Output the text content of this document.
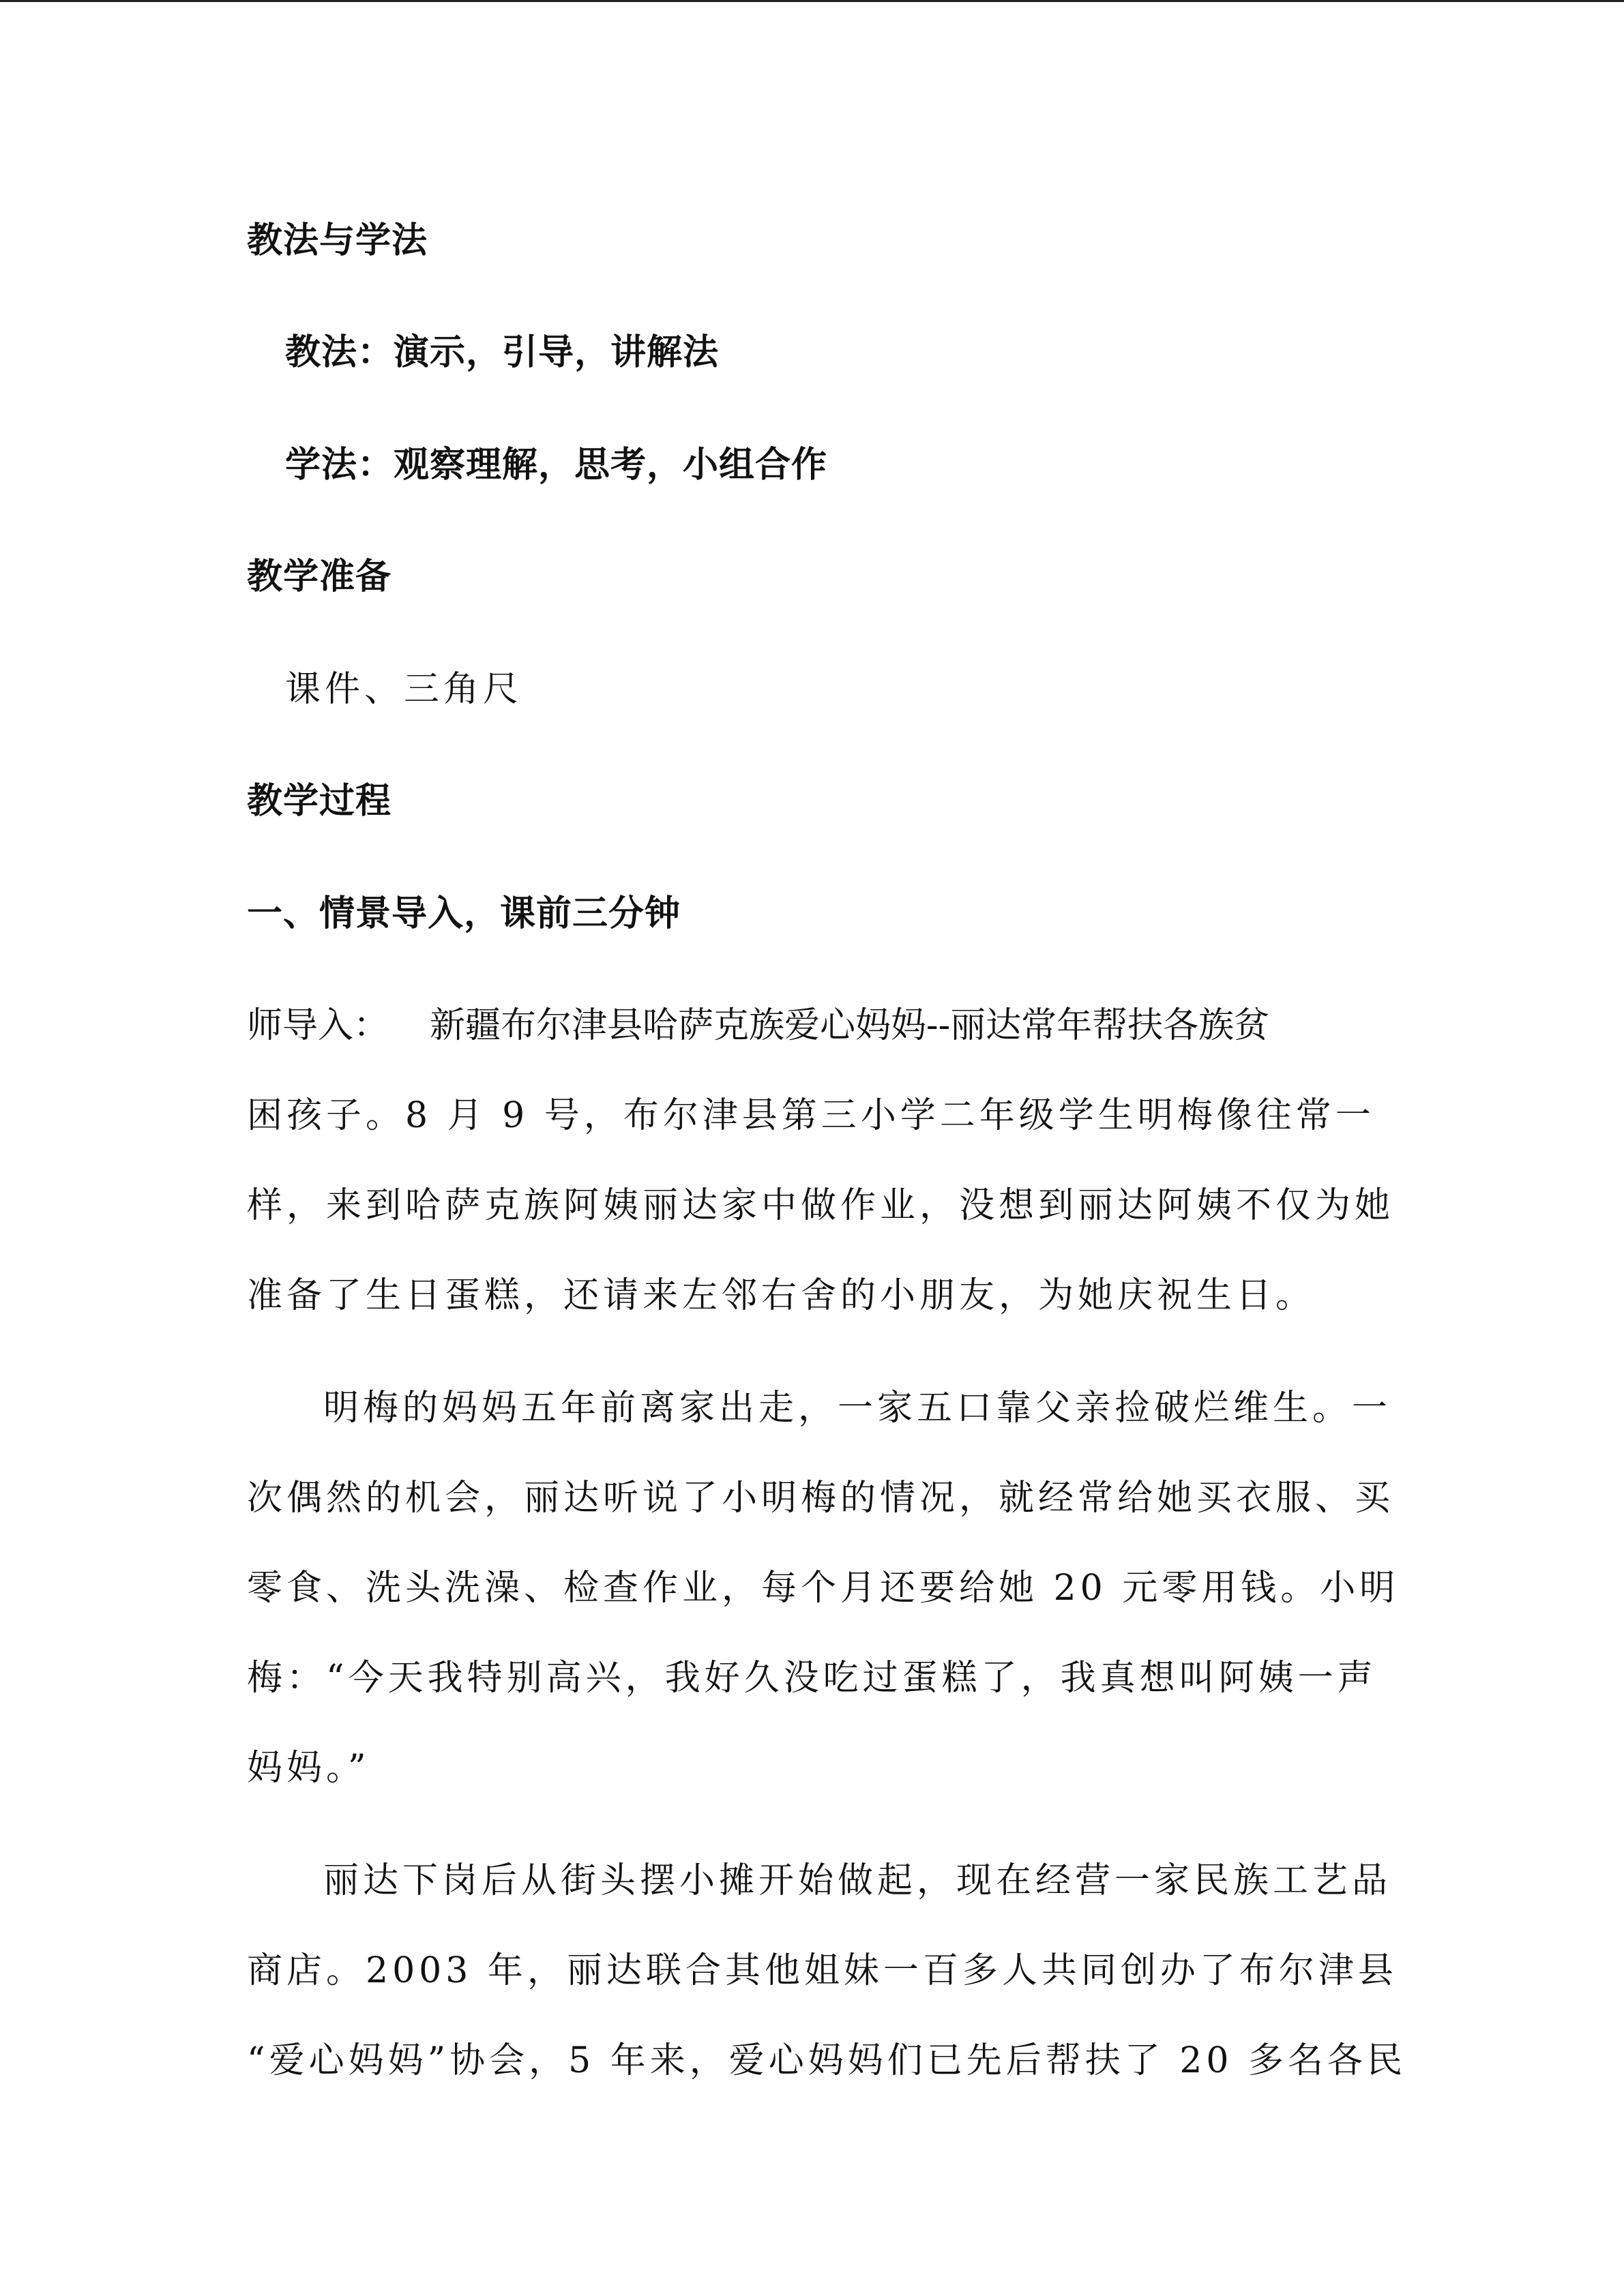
教法与学法
教法：演示，引导，讲解法
学法：观察理解，思考，小组合作
教学准备
课件、三角尺
教学过程
一、情景导入，课前三分钟
师导入： 新疆布尔津县哈萨克族爱心妈妈--丽达常年帮扶各族贫
困孩子。8 月 9 号，布尔津县第三小学二年级学生明梅像往常一
样，来到哈萨克族阿姨丽达家中做作业，没想到丽达阿姨不仅为她
准备了生日蛋糕，还请来左邻右舍的小朋友，为她庆祝生日。
明梅的妈妈五年前离家出走，一家五口靠父亲捡破烂维生。一
次偶然的机会，丽达听说了小明梅的情况，就经常给她买衣服、买
零食、洗头洗澡、检查作业，每个月还要给她 20 元零用钱。小明
梅：“今天我特别高兴，我好久没吃过蛋糕了，我真想叫阿姨一声
妈妈。”
丽达下岗后从街头摆小摊开始做起，现在经营一家民族工艺品
商店。2003 年，丽达联合其他姐妹一百多人共同创办了布尔津县
“爱心妈妈”协会，5 年来，爱心妈妈们已先后帮扶了 20 多名各民
